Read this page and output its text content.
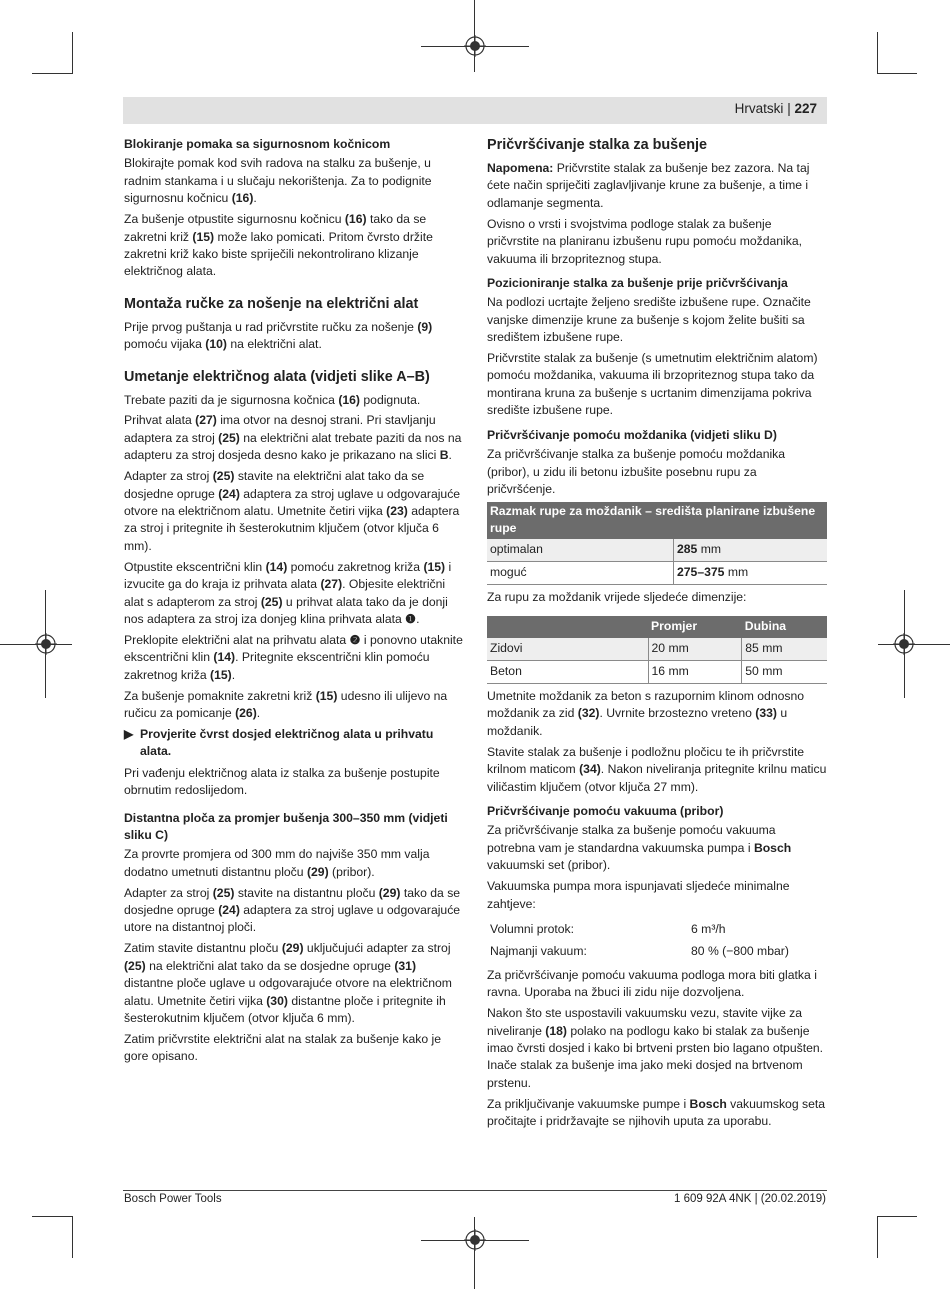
Hrvatski | 227
Blokiranje pomaka sa sigurnosnom kočnicom

Blokirajte pomak kod svih radova na stalku za bušenje, u radnim stankama i u slučaju nekorištenja. Za to podignite sigurnosnu kočnicu (16).

Za bušenje otpustite sigurnosnu kočnicu (16) tako da se zakretni križ (15) može lako pomicati. Pritom čvrsto držite zakretni križ kako biste spriječili nekontrolirano klizanje električnog alata.

Montaža ručke za nošenje na električni alat

Prije prvog puštanja u rad pričvrstite ručku za nošenje (9) pomoću vijaka (10) na električni alat.

Umetanje električnog alata (vidjeti slike A–B)

Trebate paziti da je sigurnosna kočnica (16) podignuta.

Prihvat alata (27) ima otvor na desnoj strani. Pri stavljanju adaptera za stroj (25) na električni alat trebate paziti da nos na adapteru za stroj dosjeda desno kako je prikazano na slici B.

Adapter za stroj (25) stavite na električni alat tako da se dosjedne opruge (24) adaptera za stroj uglave u odgovarajuće otvore na električnom alatu. Umetnite četiri vijka (23) adaptera za stroj i pritegnite ih šesterokutnim ključem (otvor ključa 6 mm).

Otpustite ekscentrični klin (14) pomoću zakretnog križa (15) i izvucite ga do kraja iz prihvata alata (27). Objesite električni alat s adapterom za stroj (25) u prihvat alata tako da je donji nos adaptera za stroj iza donjeg klina prihvata alata ❶.

Preklopite električni alat na prihvatu alata ❷ i ponovno utaknite ekscentrični klin (14). Pritegnite ekscentrični klin pomoću zakretnog križa (15).

Za bušenje pomaknite zakretni križ (15) udesno ili ulijevo na ručicu za pomicanje (26).

▶ Provjerite čvrst dosjed električnog alata u prihvatu alata.

Pri vađenju električnog alata iz stalka za bušenje postupite obrnutim redoslijedom.

Distantna ploča za promjer bušenja 300–350 mm (vidjeti sliku C)

Za provrte promjera od 300 mm do najviše 350 mm valja dodatno umetnuti distantnu ploču (29) (pribor).

Adapter za stroj (25) stavite na distantnu ploču (29) tako da se dosjedne opruge (24) adaptera za stroj uglave u odgovarajuće utore na distantnoj ploči.

Zatim stavite distantnu ploču (29) uključujući adapter za stroj (25) na električni alat tako da se dosjedne opruge (31) distantne ploče uglave u odgovarajuće otvore na električnom alatu. Umetnite četiri vijka (30) distantne ploče i pritegnite ih šesterokutnim ključem (otvor ključa 6 mm).

Zatim pričvrstite električni alat na stalak za bušenje kako je gore opisano.

Pričvršćivanje stalka za bušenje

Napomena: Pričvrstite stalak za bušenje bez zazora. Na taj ćete način spriječiti zaglavljivanje krune za bušenje, a time i odlamanje segmenta.

Ovisno o vrsti i svojstvima podloge stalak za bušenje pričvrstite na planiranu izbušenu rupu pomoću moždanika, vakuuma ili brzopriteznog stupa.

Pozicioniranje stalka za bušenje prije pričvršćivanja

Na podlozi ucrtajte željeno središte izbušene rupe. Označite vanjske dimenzije krune za bušenje s kojom želite bušiti sa središtem izbušene rupe.

Pričvrstite stalak za bušenje (s umetnutim električnim alatom) pomoću moždanika, vakuuma ili brzopriteznog stupa tako da montirana kruna za bušenje s ucrtanim dimenzijama pokriva središte izbušene rupe.

Pričvršćivanje pomoću moždanika (vidjeti sliku D)

Za pričvršćivanje stalka za bušenje pomoću moždanika (pribor), u zidu ili betonu izbušite posebnu rupu za pričvršćenje.

Razmak rupe za moždanik – središta planirane izbušene rupe	
optimalan	285 mm
moguć	275–375 mm

Za rupu za moždanik vrijede sljedeće dimenzije:

	Promjer	Dubina
Zidovi	20 mm	85 mm
Beton	16 mm	50 mm

Umetnite moždanik za beton s razupornim klinom odnosno moždanik za zid (32). Uvrnite brzostezno vreteno (33) u moždanik.

Stavite stalak za bušenje i podložnu pločicu te ih pričvrstite krilnom maticom (34). Nakon niveliranja pritegnite krilnu maticu viličastim ključem (otvor ključa 27 mm).

Pričvršćivanje pomoću vakuuma (pribor)

Za pričvršćivanje stalka za bušenje pomoću vakuuma potrebna vam je standardna vakuumska pumpa i Bosch vakuumski set (pribor).

Vakuumska pumpa mora ispunjavati sljedeće minimalne zahtjeve:

Volumni protok:	6 m³/h
Najmanji vakuum:	80 % (−800 mbar)

Za pričvršćivanje pomoću vakuuma podloga mora biti glatka i ravna. Uporaba na žbuci ili zidu nije dozvoljena.

Nakon što ste uspostavili vakuumsku vezu, stavite vijke za niveliranje (18) polako na podlogu kako bi stalak za bušenje imao čvrsti dosjed i kako bi brtveni prsten bio lagano otpušten. Inače stalak za bušenje ima jako meki dosjed na brtvenom prstenu.

Za priključivanje vakuumske pumpe i Bosch vakuumskog seta pročitajte i pridržavajte se njihovih uputa za uporabu.

Bosch Power Tools	1 609 92A 4NK | (20.02.2019)
